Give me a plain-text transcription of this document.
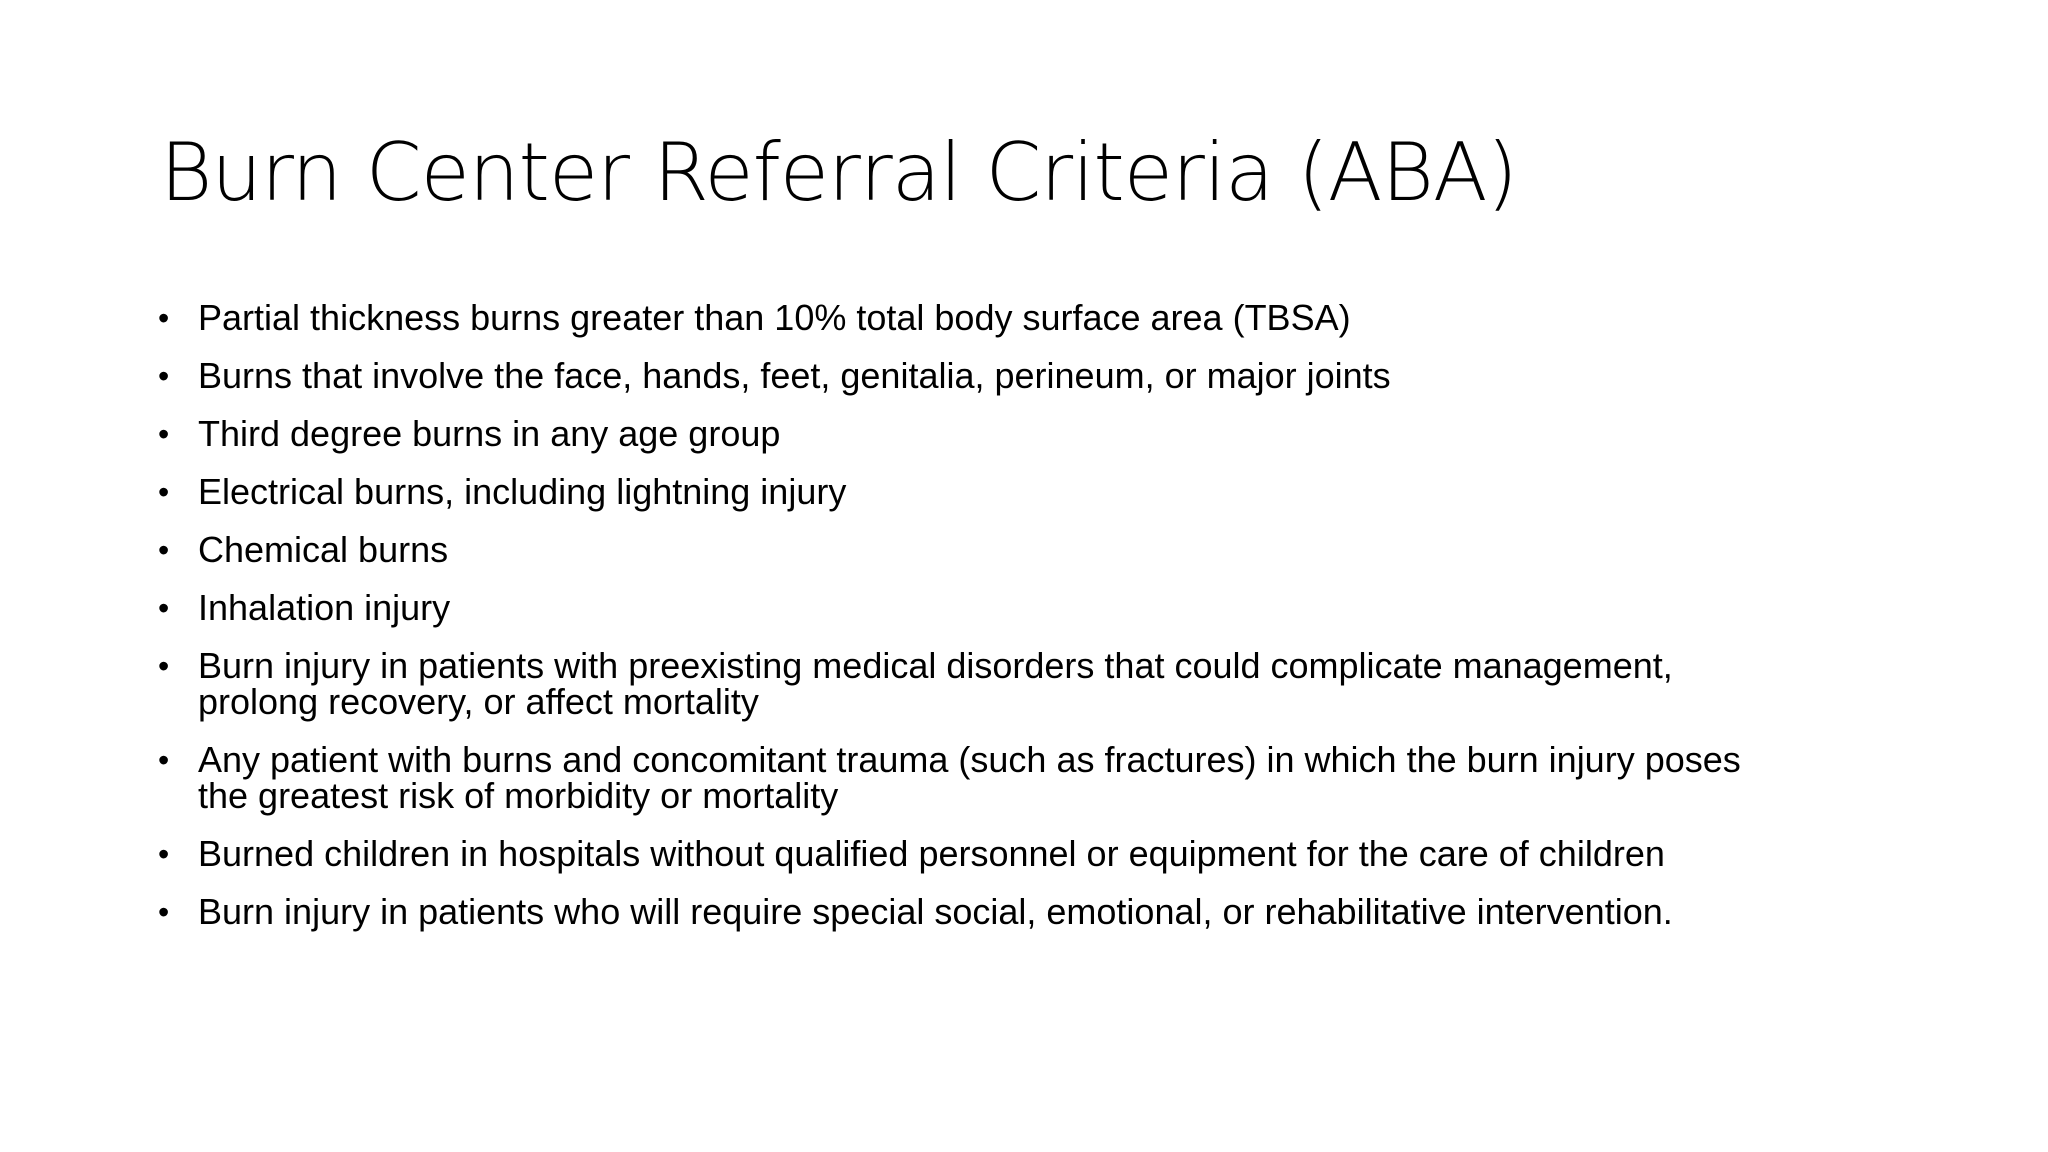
Burn Center Referral Criteria (ABA)
• Partial thickness burns greater than 10% total body surface area (TBSA)
• Burns that involve the face, hands, feet, genitalia, perineum, or major joints
• Third degree burns in any age group
• Electrical burns, including lightning injury
• Chemical burns
• Inhalation injury
• Burn injury in patients with preexisting medical disorders that could complicate management,
prolong recovery, or affect mortality
• Any patient with burns and concomitant trauma (such as fractures) in which the burn injury poses
the greatest risk of morbidity or mortality
• Burned children in hospitals without qualified personnel or equipment for the care of children
• Burn injury in patients who will require special social, emotional, or rehabilitative intervention.
